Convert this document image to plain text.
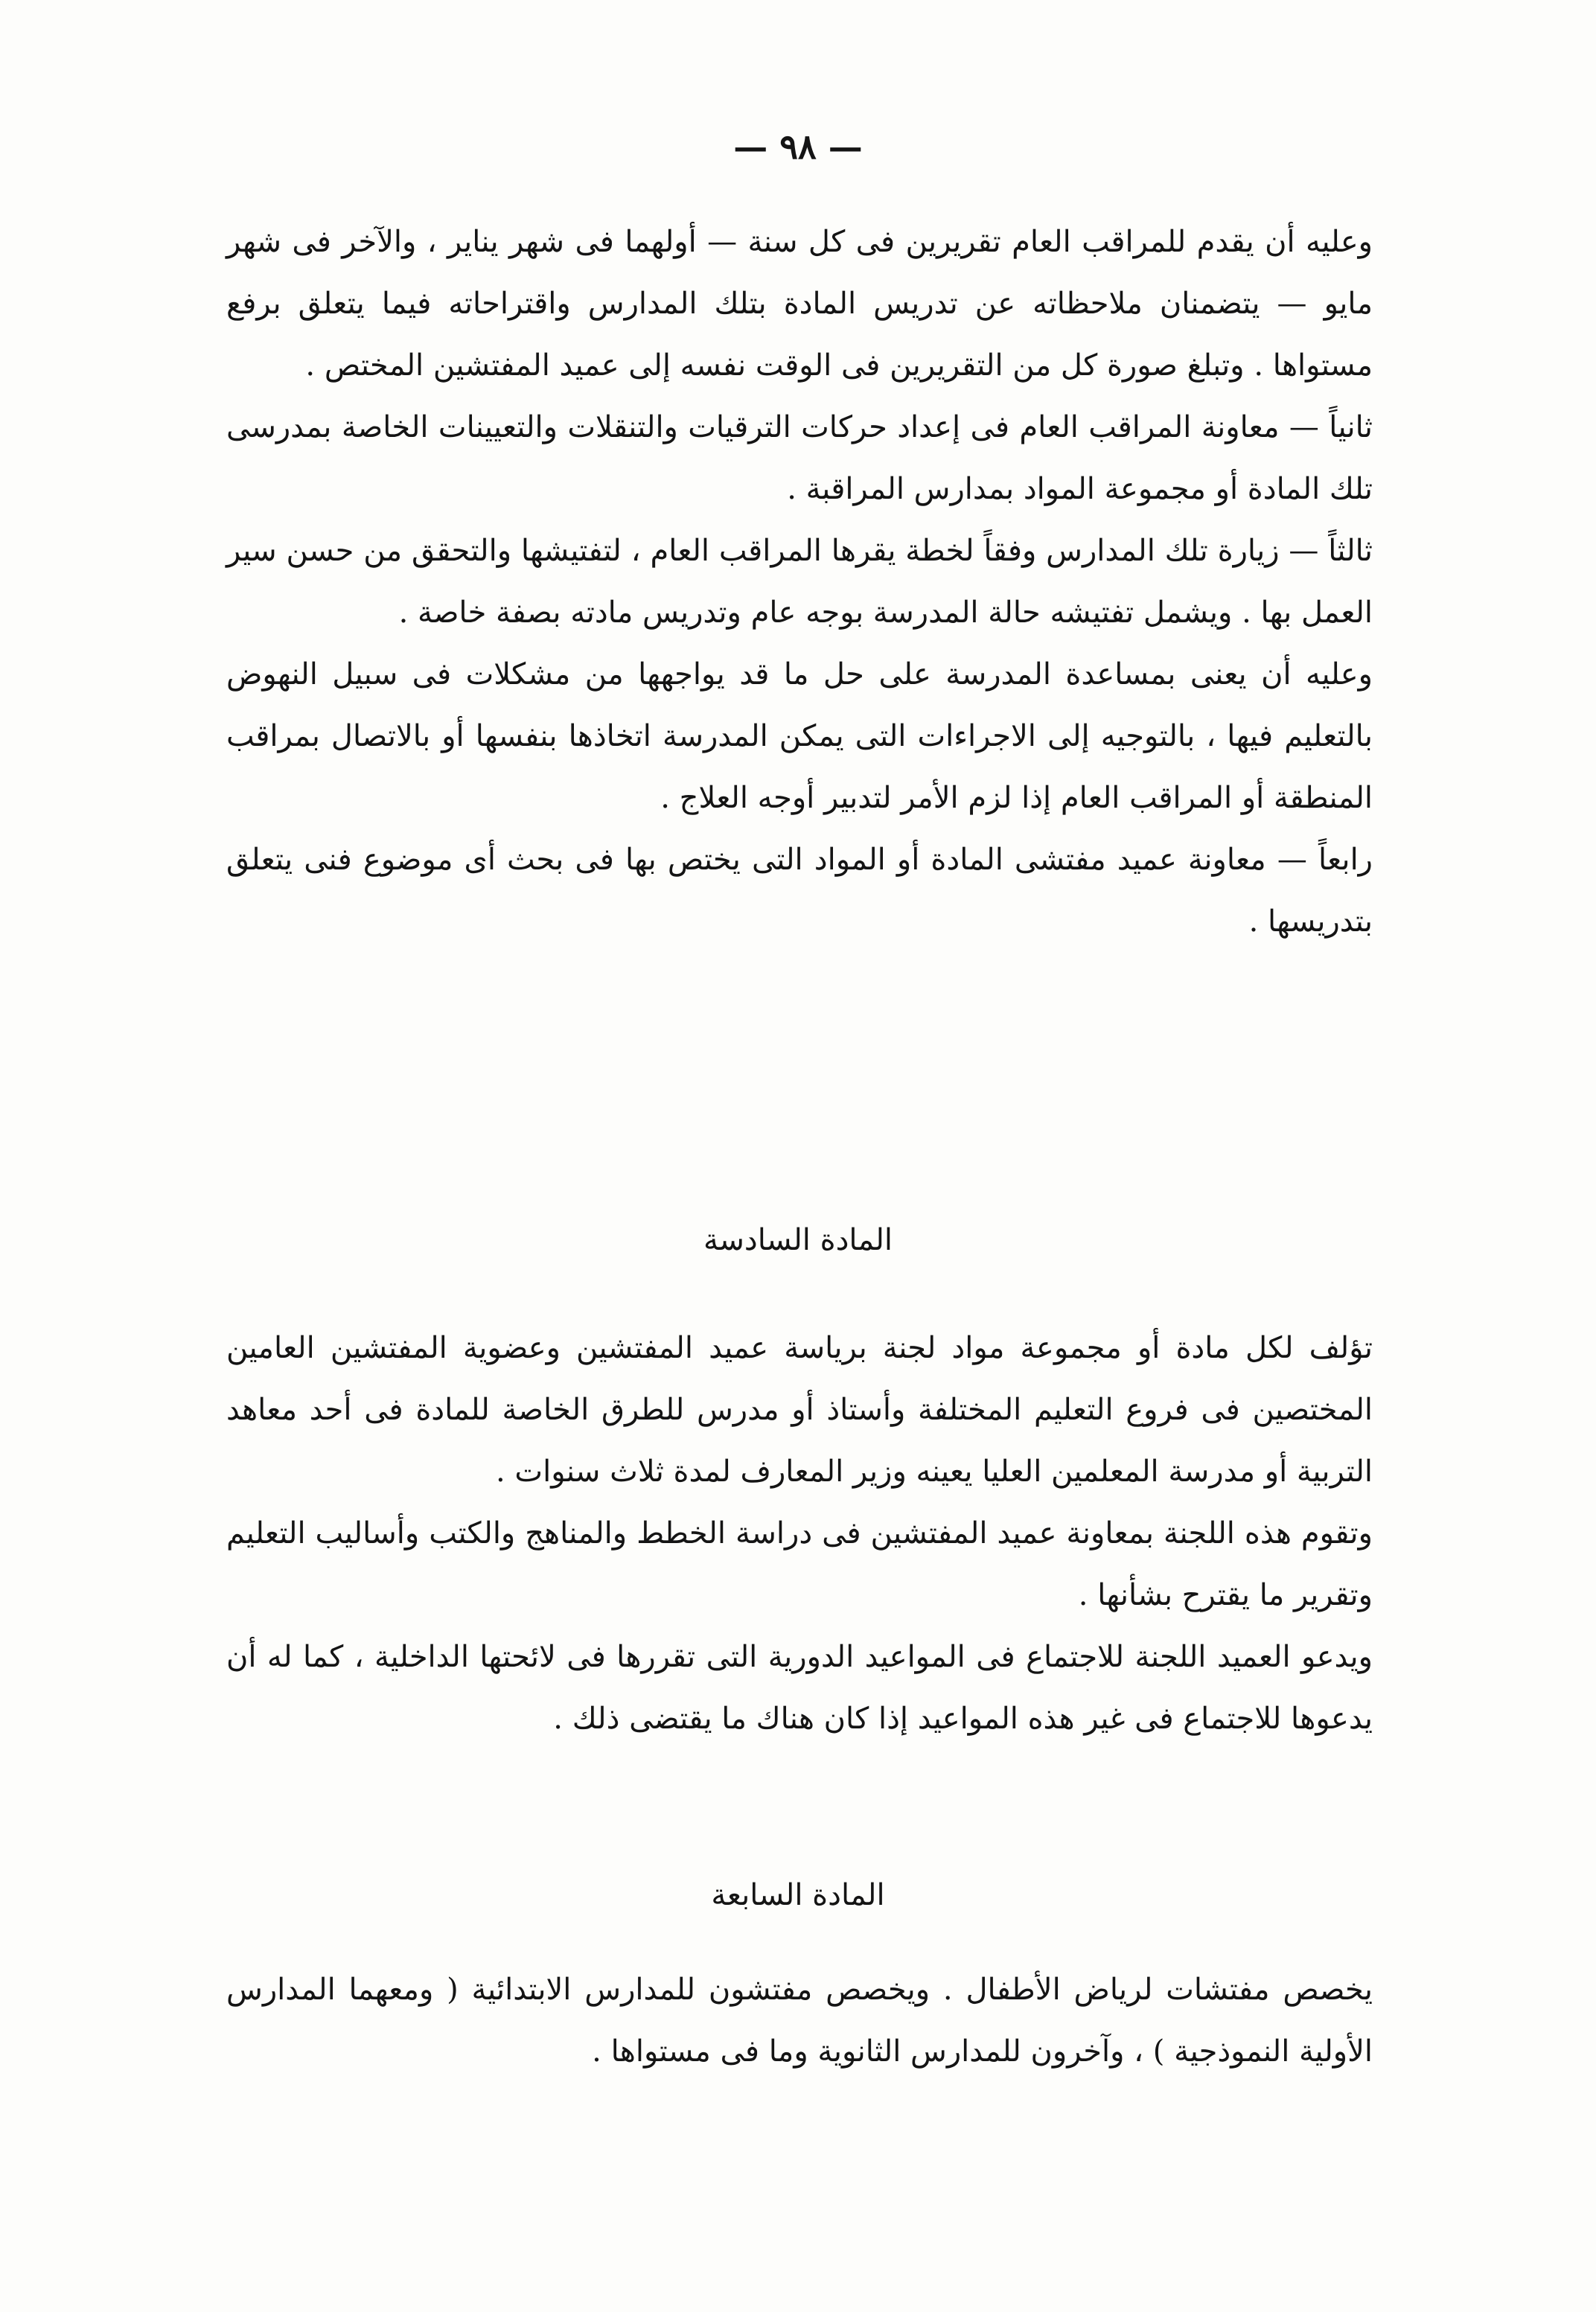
— ٩٨ —

وعليه أن يقدم للمراقب العام تقريرين فى كل سنة — أولهما فى شهر يناير ، والآخر فى شهر مايو — يتضمنان ملاحظاته عن تدريس المادة بتلك المدارس واقتراحاته فيما يتعلق برفع مستواها . وتبلغ صورة كل من التقريرين فى الوقت نفسه إلى عميد المفتشين المختص .

ثانياً — معاونة المراقب العام فى إعداد حركات الترقيات والتنقلات والتعيينات الخاصة بمدرسى تلك المادة أو مجموعة المواد بمدارس المراقبة .

ثالثاً — زيارة تلك المدارس وفقاً لخطة يقرها المراقب العام ، لتفتيشها والتحقق من حسن سير العمل بها . ويشمل تفتيشه حالة المدرسة بوجه عام وتدريس مادته بصفة خاصة .

وعليه أن يعنى بمساعدة المدرسة على حل ما قد يواجهها من مشكلات فى سبيل النهوض بالتعليم فيها ، بالتوجيه إلى الاجراءات التى يمكن المدرسة اتخاذها بنفسها أو بالاتصال بمراقب المنطقة أو المراقب العام إذا لزم الأمر لتدبير أوجه العلاج .

رابعاً — معاونة عميد مفتشى المادة أو المواد التى يختص بها فى بحث أى موضوع فنى يتعلق بتدريسها .

المادة السادسة

تؤلف لكل مادة أو مجموعة مواد لجنة برياسة عميد المفتشين وعضوية المفتشين العامين المختصين فى فروع التعليم المختلفة وأستاذ أو مدرس للطرق الخاصة للمادة فى أحد معاهد التربية أو مدرسة المعلمين العليا يعينه وزير المعارف لمدة ثلاث سنوات .

وتقوم هذه اللجنة بمعاونة عميد المفتشين فى دراسة الخطط والمناهج والكتب وأساليب التعليم وتقرير ما يقترح بشأنها .

ويدعو العميد اللجنة للاجتماع فى المواعيد الدورية التى تقررها فى لائحتها الداخلية ، كما له أن يدعوها للاجتماع فى غير هذه المواعيد إذا كان هناك ما يقتضى ذلك .

المادة السابعة

يخصص مفتشات لرياض الأطفال . ويخصص مفتشون للمدارس الابتدائية ( ومعهما المدارس الأولية النموذجية ) ، وآخرون للمدارس الثانوية وما فى مستواها .
